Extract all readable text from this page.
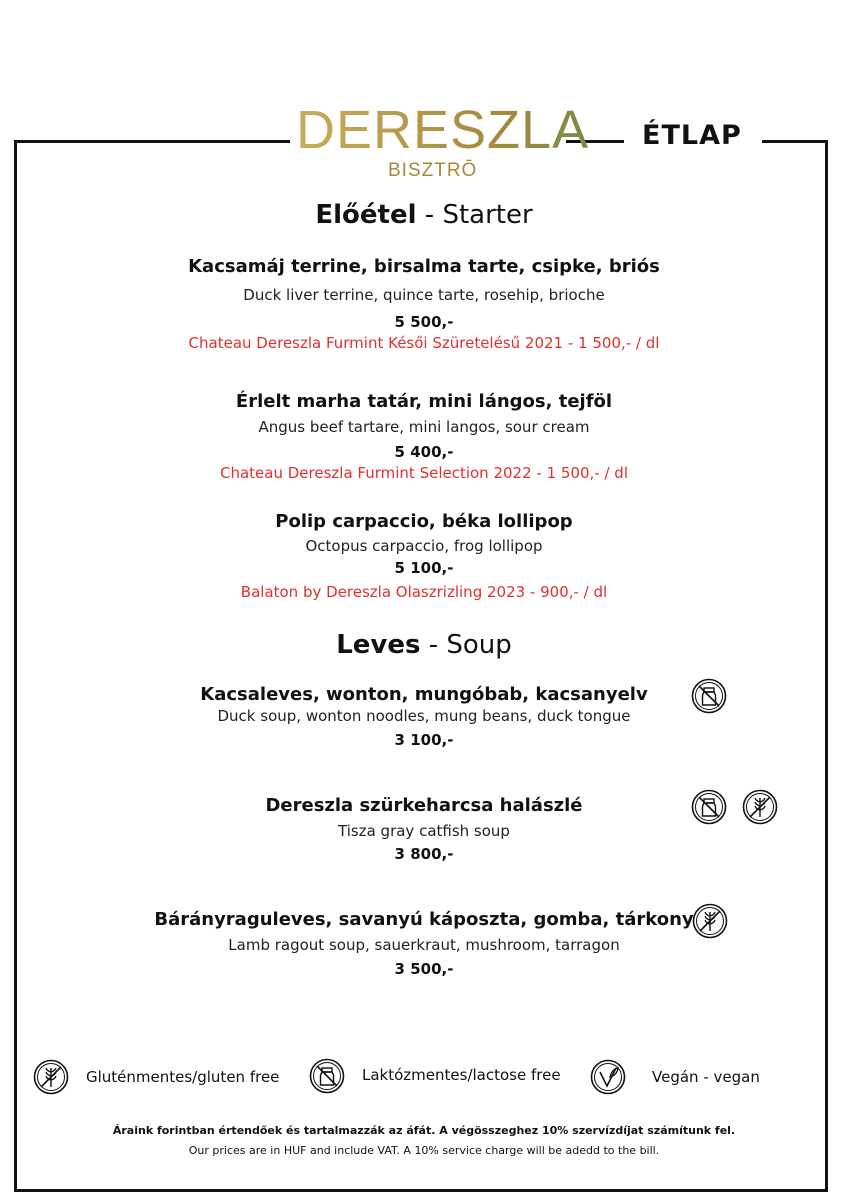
DERESZLA
BISZTRŌ
ÉTLAP
Előétel - Starter
Kacsamáj terrine, birsalma tarte, csipke, briós
Duck liver terrine, quince tarte, rosehip, brioche
5 500,-
Chateau Dereszla Furmint Késői Szüretelésű 2021 - 1 500,- / dl
Érlelt marha tatár, mini lángos, tejföl
Angus beef tartare, mini langos, sour cream
5 400,-
Chateau Dereszla Furmint Selection 2022 - 1 500,- / dl
Polip carpaccio, béka lollipop
Octopus carpaccio, frog lollipop
5 100,-
Balaton by Dereszla Olaszrizling 2023 - 900,- / dl
Leves - Soup
Kacsaleves, wonton, mungóbab, kacsanyelv
Duck soup, wonton noodles, mung beans, duck tongue
3 100,-
Dereszla szürkeharcsa halászlé
Tisza gray catfish soup
3 800,-
Bárányraguleves, savanyú káposzta, gomba, tárkony
Lamb ragout soup, sauerkraut, mushroom, tarragon
3 500,-
Gluténmentes/gluten free	Laktózmentes/lactose free	Vegán - vegan
Áraink forintban értendőek és tartalmazzák az áfát. A végösszeghez 10% szervízdíjat számítunk fel.
Our prices are in HUF and include VAT. A 10% service charge will be adedd to the bill.
